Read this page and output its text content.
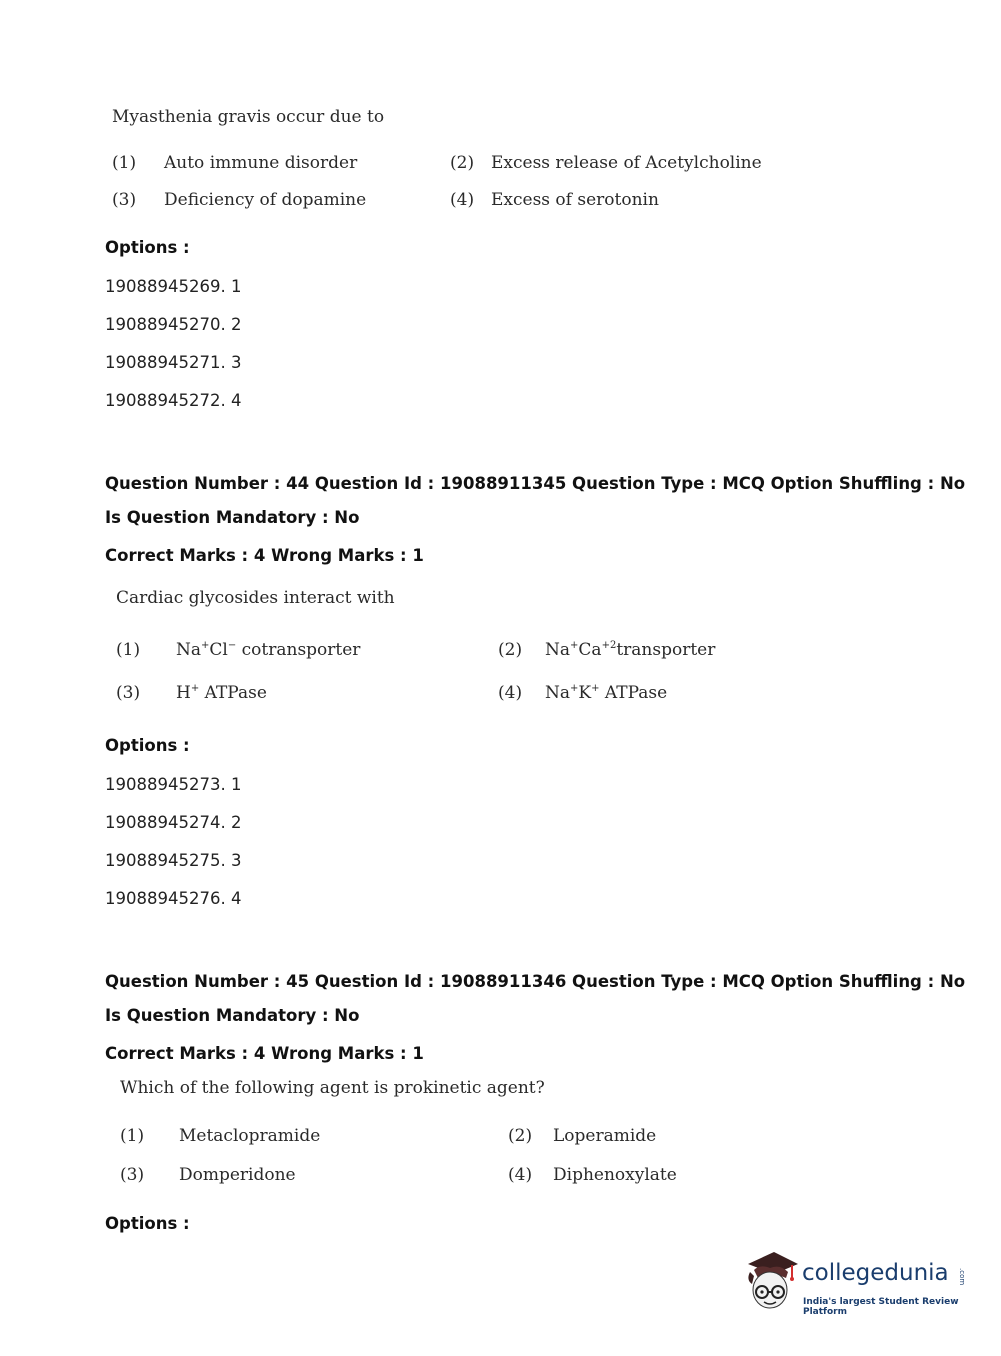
Myasthenia gravis occur due to
(1) Auto immune disorder	(2) Excess release of Acetylcholine
(3) Deficiency of dopamine	(4) Excess of serotonin
Options :
19088945269. 1
19088945270. 2
19088945271. 3
19088945272. 4
Question Number : 44 Question Id : 19088911345 Question Type : MCQ Option Shuffling : No
Is Question Mandatory : No
Correct Marks : 4 Wrong Marks : 1
Cardiac glycosides interact with
(1) Na+Cl− cotransporter	(2) $Na^+Ca^{+2}transporter$
(3) H+ ATPase	(4) Na+K+ ATPase
Options :
19088945273. 1
19088945274. 2
19088945275. 3
19088945276. 4
Question Number : 45 Question Id : 19088911346 Question Type : MCQ Option Shuffling : No
Is Question Mandatory : No
Correct Marks : 4 Wrong Marks : 1
Which of the following agent is prokinetic agent?
(1) Metaclopramide	(2) Loperamide
(3) Domperidone	(4) Diphenoxylate
Options :
collegedunia .com
India's largest Student Review Platform
